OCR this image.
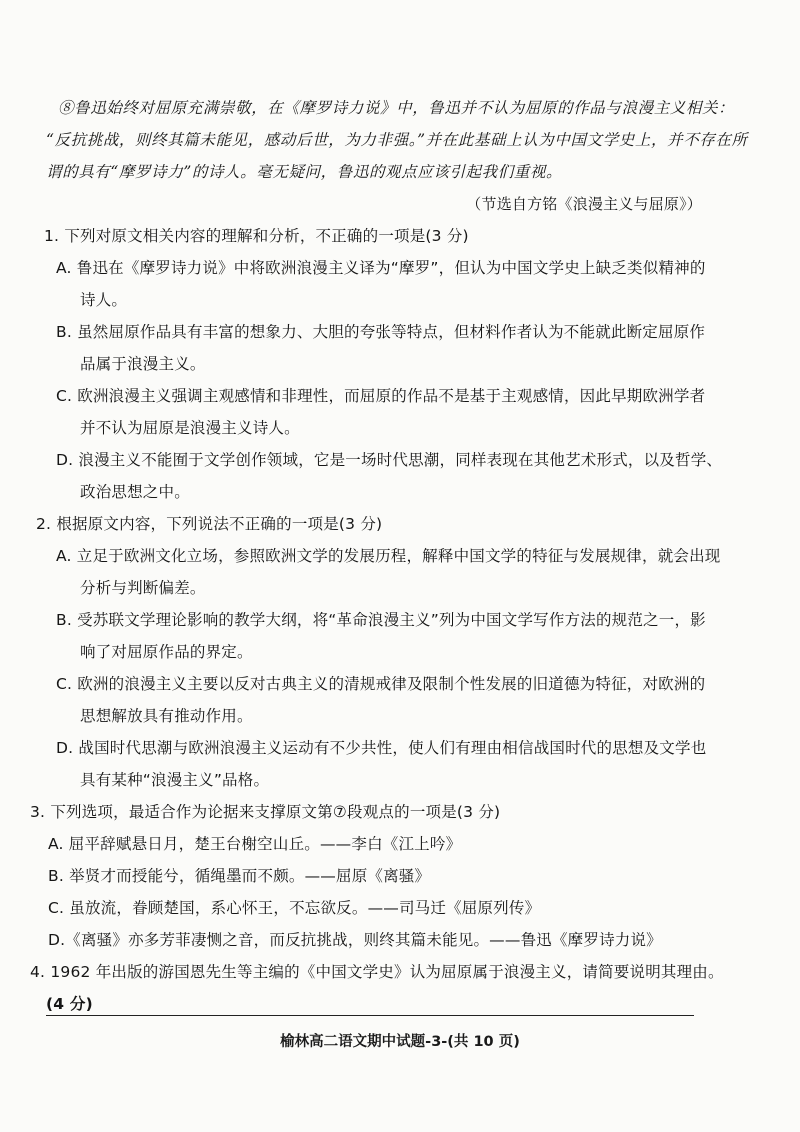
⑧鲁迅始终对屈原充满崇敬，在《摩罗诗力说》中，鲁迅并不认为屈原的作品与浪漫主义相关：
“反抗挑战，则终其篇未能见，感动后世，为力非强。”并在此基础上认为中国文学史上，并不存在所
谓的具有“摩罗诗力”的诗人。毫无疑问，鲁迅的观点应该引起我们重视。
（节选自方铭《浪漫主义与屈原》）
1. 下列对原文相关内容的理解和分析，不正确的一项是(3 分)
A. 鲁迅在《摩罗诗力说》中将欧洲浪漫主义译为“摩罗”，但认为中国文学史上缺乏类似精神的
诗人。
B. 虽然屈原作品具有丰富的想象力、大胆的夸张等特点，但材料作者认为不能就此断定屈原作
品属于浪漫主义。
C. 欧洲浪漫主义强调主观感情和非理性，而屈原的作品不是基于主观感情，因此早期欧洲学者
并不认为屈原是浪漫主义诗人。
D. 浪漫主义不能囿于文学创作领域，它是一场时代思潮，同样表现在其他艺术形式，以及哲学、
政治思想之中。
2. 根据原文内容，下列说法不正确的一项是(3 分)
A. 立足于欧洲文化立场，参照欧洲文学的发展历程，解释中国文学的特征与发展规律，就会出现
分析与判断偏差。
B. 受苏联文学理论影响的教学大纲，将“革命浪漫主义”列为中国文学写作方法的规范之一，影
响了对屈原作品的界定。
C. 欧洲的浪漫主义主要以反对古典主义的清规戒律及限制个性发展的旧道德为特征，对欧洲的
思想解放具有推动作用。
D. 战国时代思潮与欧洲浪漫主义运动有不少共性，使人们有理由相信战国时代的思想及文学也
具有某种“浪漫主义”品格。
3. 下列选项，最适合作为论据来支撑原文第⑦段观点的一项是(3 分)
A. 屈平辞赋悬日月，楚王台榭空山丘。——李白《江上吟》
B. 举贤才而授能兮，循绳墨而不颇。——屈原《离骚》
C. 虽放流，眷顾楚国，系心怀王，不忘欲反。——司马迁《屈原列传》
D.《离骚》亦多芳菲凄恻之音，而反抗挑战，则终其篇未能见。——鲁迅《摩罗诗力说》
4. 1962 年出版的游国恩先生等主编的《中国文学史》认为屈原属于浪漫主义，请简要说明其理由。
(4 分)
榆林高二语文期中试题-3-(共 10 页)
